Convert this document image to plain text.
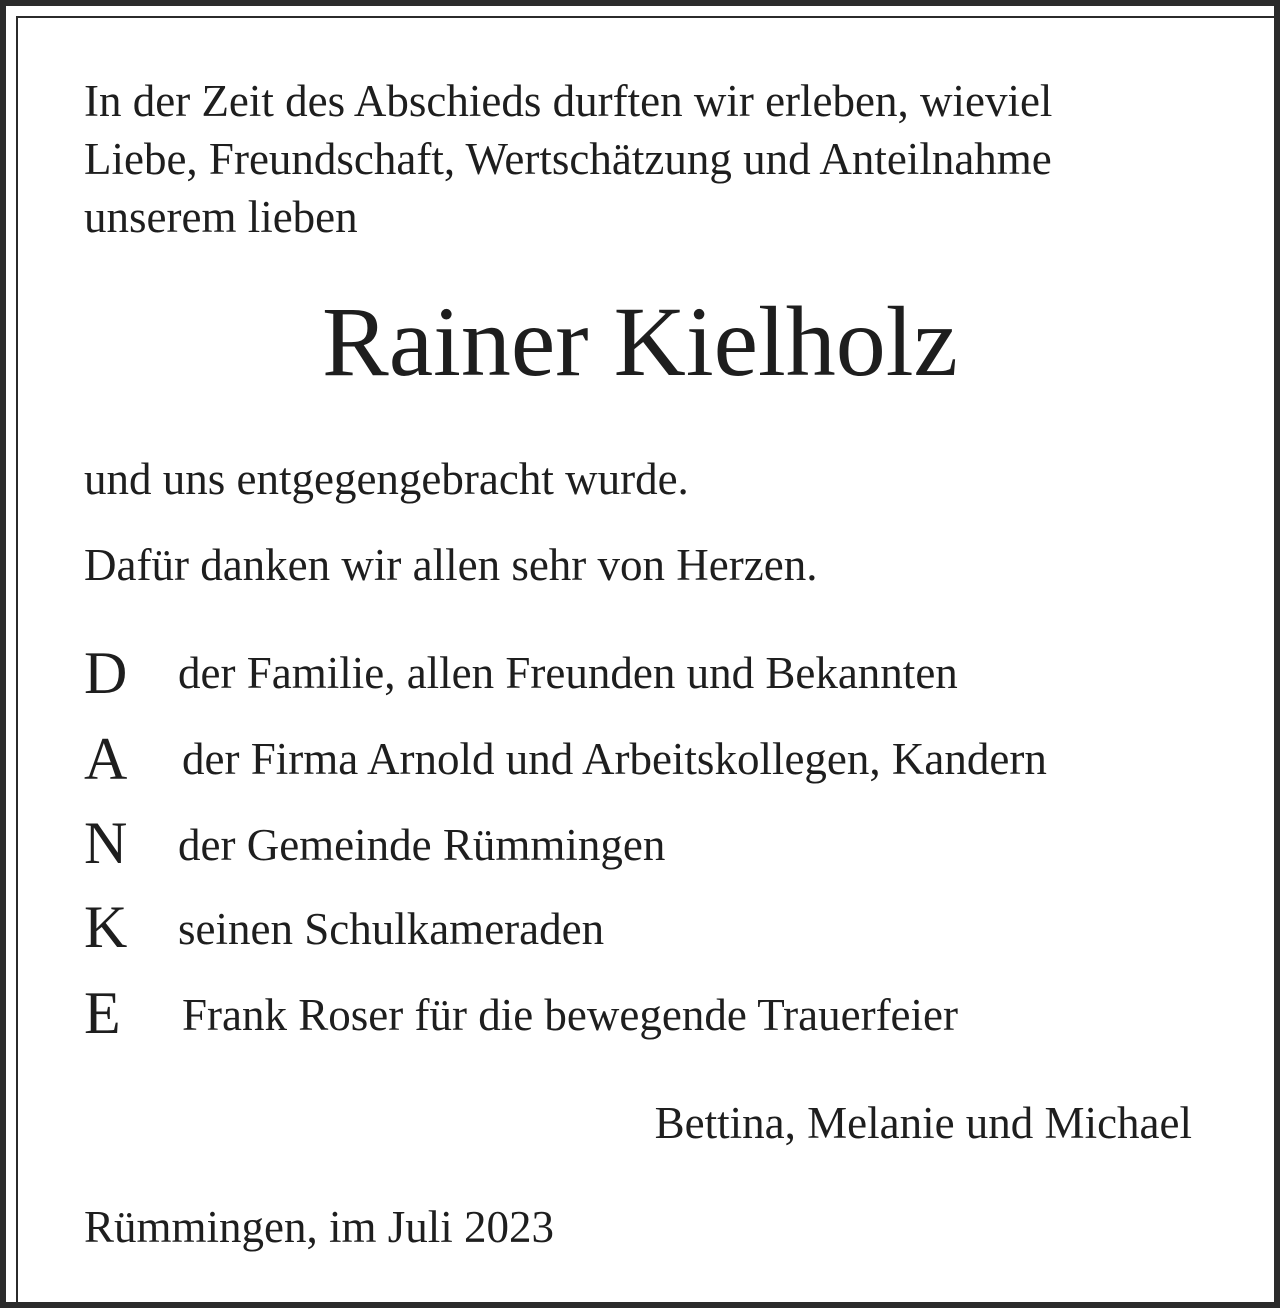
In der Zeit des Abschieds durften wir erleben, wieviel
Liebe, Freundschaft, Wertschätzung und Anteilnahme
unserem lieben
Rainer Kielholz
und uns entgegengebracht wurde.
Dafür danken wir allen sehr von Herzen.
D der Familie, allen Freunden und Bekannten
A der Firma Arnold und Arbeitskollegen, Kandern
N der Gemeinde Rümmingen
K seinen Schulkameraden
E Frank Roser für die bewegende Trauerfeier
Bettina, Melanie und Michael
Rümmingen, im Juli 2023
